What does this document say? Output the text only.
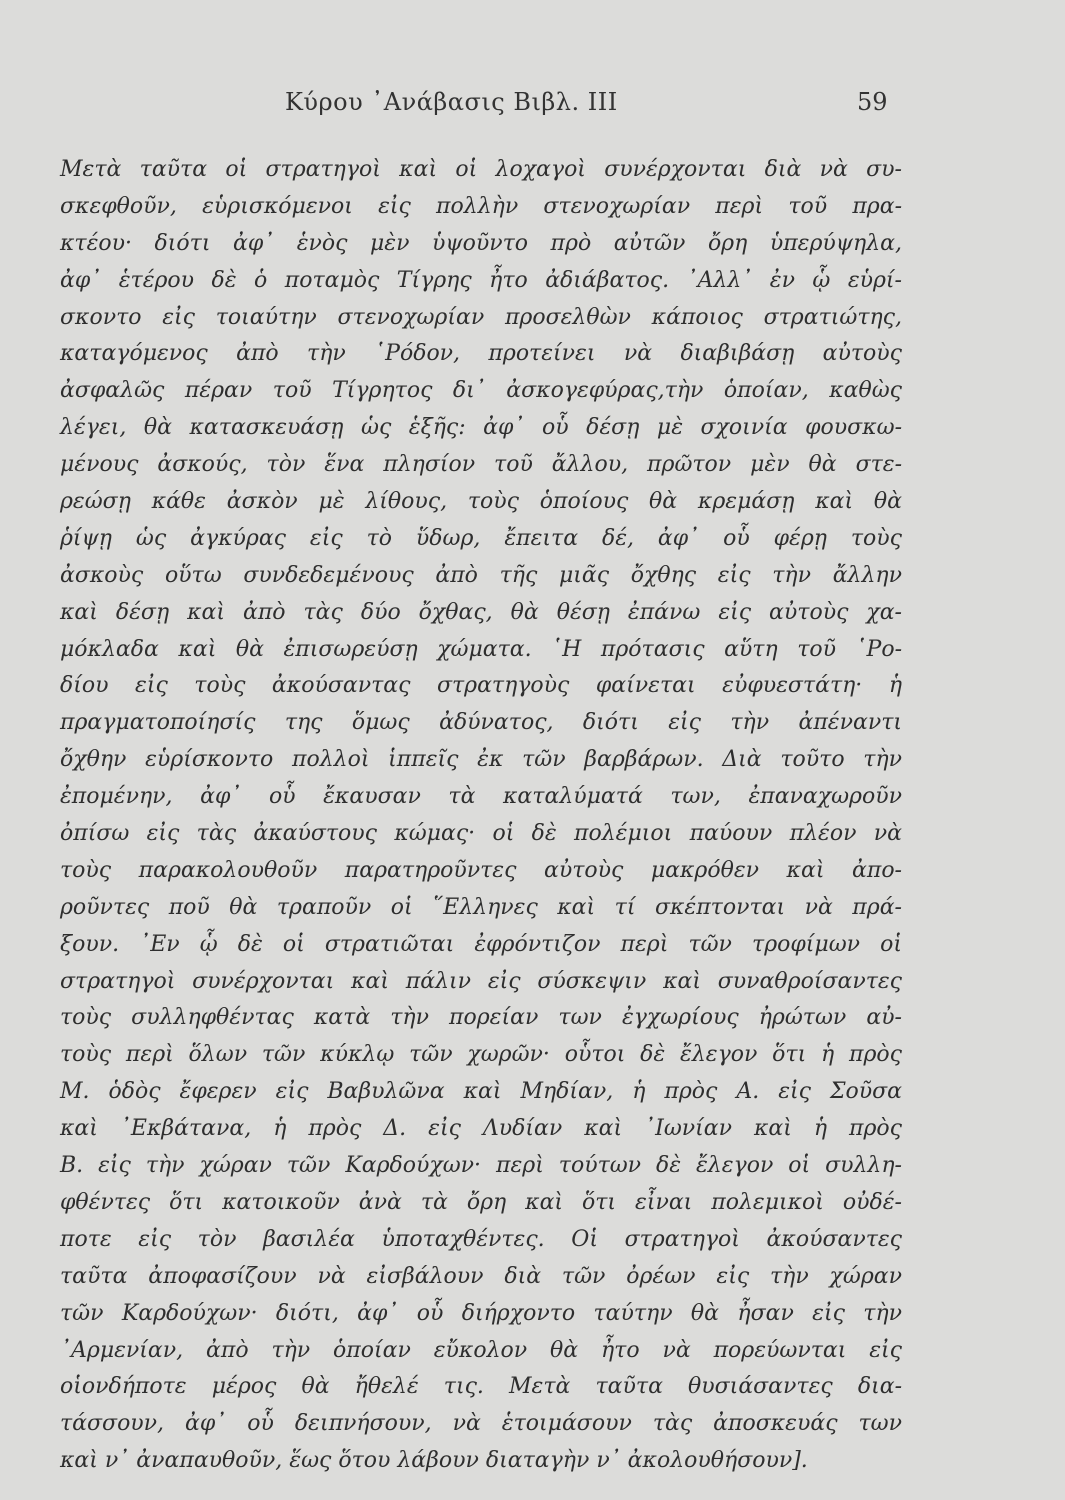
Κύρου ᾿Ανάβασις Βιβλ. ΙΙΙ	59
Μετὰ ταῦτα οἱ στρατηγοὶ καὶ οἱ λοχαγοὶ συνέρχονται διὰ νὰ συ-
σκεφθοῦν, εὑρισκόμενοι εἰς πολλὴν στενοχωρίαν περὶ τοῦ πρα-
κτέου· διότι ἀφ᾿ ἑνὸς μὲν ὑψοῦντο πρὸ αὐτῶν ὄρη ὑπερύψηλα,
ἀφ᾿ ἑτέρου δὲ ὁ ποταμὸς Τίγρης ἦτο ἀδιάβατος. ᾿Αλλ᾿ ἐν ᾧ εὑρί-
σκοντο εἰς τοιαύτην στενοχωρίαν προσελθὼν κάποιος στρατιώτης,
καταγόμενος ἀπὸ τὴν ῾Ρόδον, προτείνει νὰ διαβιβάσῃ αὐτοὺς
ἀσφαλῶς πέραν τοῦ Τίγρητος δι᾿ ἀσκογεφύρας,τὴν ὁποίαν, καθὼς
λέγει, θὰ κατασκευάσῃ ὡς ἑξῆς: ἀφ᾿ οὗ δέσῃ μὲ σχοινία φουσκω-
μένους ἀσκούς, τὸν ἕνα πλησίον τοῦ ἄλλου, πρῶτον μὲν θὰ στε-
ρεώσῃ κάθε ἀσκὸν μὲ λίθους, τοὺς ὁποίους θὰ κρεμάσῃ καὶ θὰ
ῥίψῃ ὡς ἀγκύρας εἰς τὸ ὕδωρ, ἔπειτα δέ, ἀφ᾿ οὗ φέρῃ τοὺς
ἀσκοὺς οὕτω συνδεδεμένους ἀπὸ τῆς μιᾶς ὄχθης εἰς τὴν ἄλλην
καὶ δέσῃ καὶ ἀπὸ τὰς δύο ὄχθας, θὰ θέσῃ ἐπάνω εἰς αὐτοὺς χα-
μόκλαδα καὶ θὰ ἐπισωρεύσῃ χώματα. ῾Η πρότασις αὕτη τοῦ ῾Ρο-
δίου εἰς τοὺς ἀκούσαντας στρατηγοὺς φαίνεται εὐφυεστάτη· ἡ
πραγματοποίησίς της ὅμως ἀδύνατος, διότι εἰς τὴν ἀπέναντι
ὄχθην εὑρίσκοντο πολλοὶ ἱππεῖς ἐκ τῶν βαρβάρων. Διὰ τοῦτο τὴν
ἐπομένην, ἀφ᾿ οὗ ἔκαυσαν τὰ καταλύματά των, ἐπαναχωροῦν
ὀπίσω εἰς τὰς ἀκαύστους κώμας· οἱ δὲ πολέμιοι παύουν πλέον νὰ
τοὺς παρακολουθοῦν παρατηροῦντες αὐτοὺς μακρόθεν καὶ ἀπο-
ροῦντες ποῦ θὰ τραποῦν οἱ ῞Ελληνες καὶ τί σκέπτονται νὰ πρά-
ξουν. ᾿Εν ᾧ δὲ οἱ στρατιῶται ἐφρόντιζον περὶ τῶν τροφίμων οἱ
στρατηγοὶ συνέρχονται καὶ πάλιν εἰς σύσκεψιν καὶ συναθροίσαντες
τοὺς συλληφθέντας κατὰ τὴν πορείαν των ἐγχωρίους ἠρώτων αὐ-
τοὺς περὶ ὅλων τῶν κύκλῳ τῶν χωρῶν· οὗτοι δὲ ἔλεγον ὅτι ἡ πρὸς
Μ. ὁδὸς ἔφερεν εἰς Βαβυλῶνα καὶ Μηδίαν, ἡ πρὸς Α. εἰς Σοῦσα
καὶ ᾿Εκβάτανα, ἡ πρὸς Δ. εἰς Λυδίαν καὶ ᾿Ιωνίαν καὶ ἡ πρὸς
Β. εἰς τὴν χώραν τῶν Καρδούχων· περὶ τούτων δὲ ἔλεγον οἱ συλλη-
φθέντες ὅτι κατοικοῦν ἀνὰ τὰ ὄρη καὶ ὅτι εἶναι πολεμικοὶ οὐδέ-
ποτε εἰς τὸν βασιλέα ὑποταχθέντες. Οἱ στρατηγοὶ ἀκούσαντες
ταῦτα ἀποφασίζουν νὰ εἰσβάλουν διὰ τῶν ὀρέων εἰς τὴν χώραν
τῶν Καρδούχων· διότι, ἀφ᾿ οὗ διήρχοντο ταύτην θὰ ἦσαν εἰς τὴν
᾿Αρμενίαν, ἀπὸ τὴν ὁποίαν εὔκολον θὰ ἦτο νὰ πορεύωνται εἰς
οἱονδήποτε μέρος θὰ ἤθελέ τις. Μετὰ ταῦτα θυσιάσαντες δια-
τάσσουν, ἀφ᾿ οὗ δειπνήσουν, νὰ ἑτοιμάσουν τὰς ἀποσκευάς των
καὶ ν᾿ ἀναπαυθοῦν, ἕως ὅτου λάβουν διαταγὴν ν᾿ ἀκολουθήσουν].
